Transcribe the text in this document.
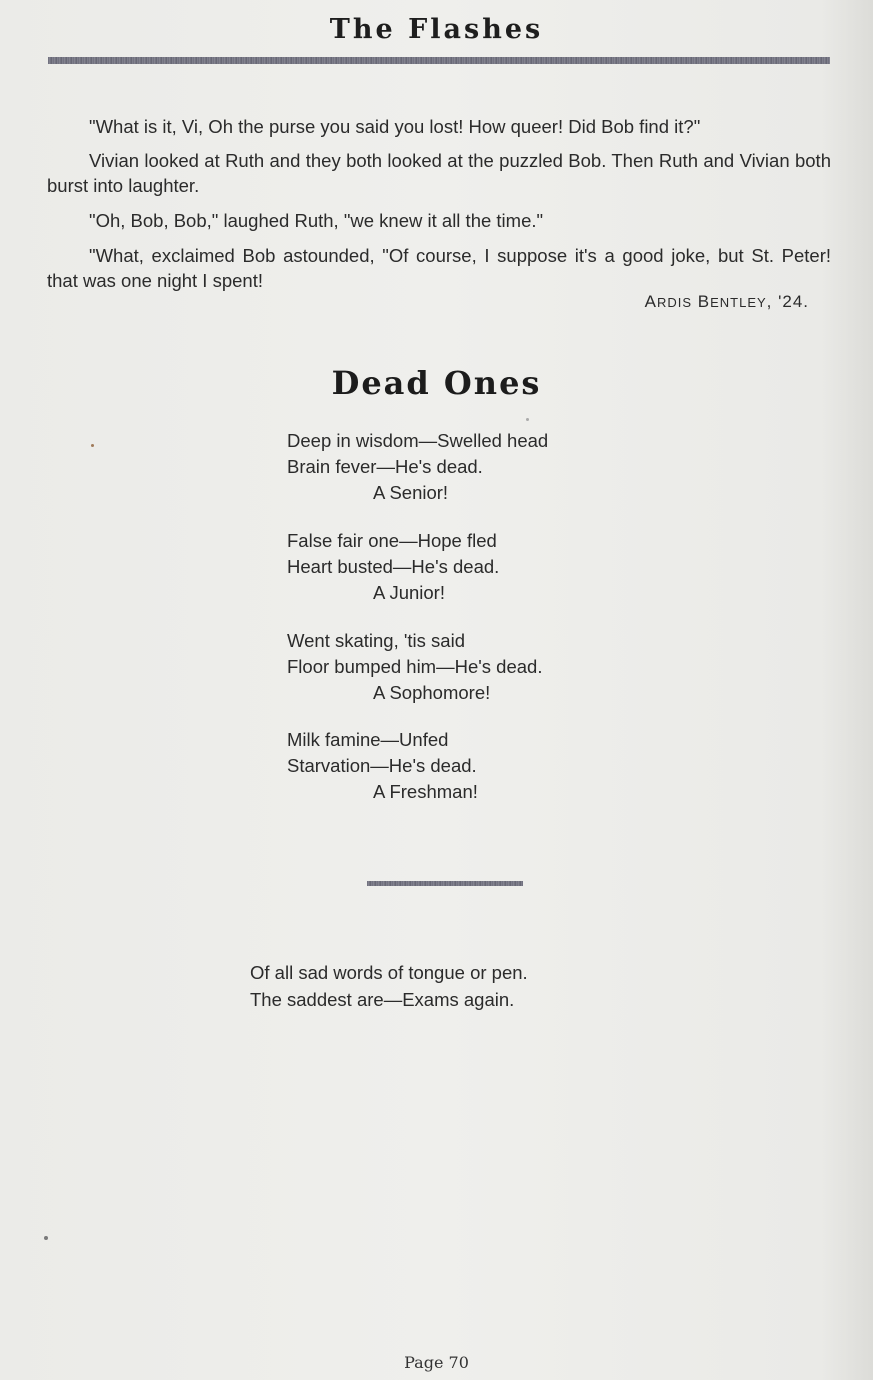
The Flashes

"What is it, Vi, Oh the purse you said you lost! How queer! Did Bob find it?"

Vivian looked at Ruth and they both looked at the puzzled Bob. Then Ruth and Vivian both burst into laughter.

"Oh, Bob, Bob," laughed Ruth, "we knew it all the time."

"What, exclaimed Bob astounded, "Of course, I suppose it's a good joke, but St. Peter! that was one night I spent!

ARDIS BENTLEY, '24.
Dead Ones
Deep in wisdom—Swelled head
Brain fever—He's dead.
A Senior!
False fair one—Hope fled
Heart busted—He's dead.
A Junior!
Went skating, 'tis said
Floor bumped him—He's dead.
A Sophomore!
Milk famine—Unfed
Starvation—He's dead.
A Freshman!
Of all sad words of tongue or pen.
The saddest are—Exams again.
Page 70
